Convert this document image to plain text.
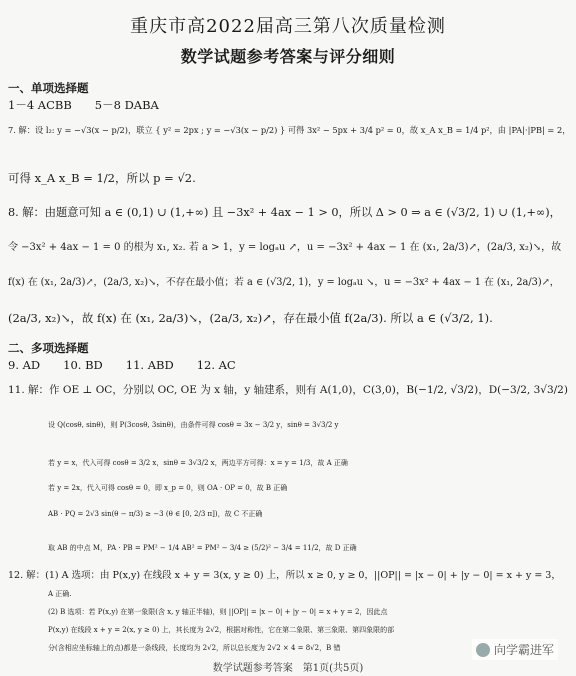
重庆市高2022届高三第八次质量检测
数学试题参考答案与评分细则
一、单项选择题
1－4 ACBB　　5－8 DABA
7. 解：设 l₂: y = −√3(x − p/2)，联立 { y² = 2px ; y = −√3(x − p/2) } 可得 3x² − 5px + 3/4 p² = 0，故 x_A x_B = 1/4 p²，由 |PA|·|PB| = 2，
可得 x_A x_B = 1/2，所以 p = √2.
8. 解：由题意可知 a ∈ (0,1) ∪ (1,+∞) 且 −3x² + 4ax − 1 > 0，所以 Δ > 0 ⇒ a ∈ (√3/2, 1) ∪ (1,+∞)，
令 −3x² + 4ax − 1 = 0 的根为 x₁, x₂. 若 a > 1，y = logₐu ↗，u = −3x² + 4ax − 1 在 (x₁, 2a/3)↗，(2a/3, x₂)↘，故
f(x) 在 (x₁, 2a/3)↗，(2a/3, x₂)↘，不存在最小值；若 a ∈ (√3/2, 1)，y = logₐu ↘，u = −3x² + 4ax − 1 在 (x₁, 2a/3)↗，
(2a/3, x₂)↘，故 f(x) 在 (x₁, 2a/3)↘，(2a/3, x₂)↗，存在最小值 f(2a/3). 所以 a ∈ (√3/2, 1).
二、多项选择题
9. AD　　10. BD　　11. ABD　　12. AC
11. 解：作 OE ⊥ OC，分别以 OC, OE 为 x 轴，y 轴建系，则有 A(1,0)，C(3,0)，B(−1/2, √3/2)，D(−3/2, 3√3/2)
设 Q(cosθ, sinθ)，则 P(3cosθ, 3sinθ)，由条件可得 cosθ = 3x − 3/2 y，sinθ = 3√3/2 y
若 y = x，代入可得 cosθ = 3/2 x，sinθ = 3√3/2 x，两边平方可得：x = y = 1/3，故 A 正确
若 y = 2x，代入可得 cosθ = 0，即 x_p = 0，则 OA · OP = 0，故 B 正确
AB · PQ = 2√3 sin(θ − π/3) ≥ −3 (θ ∈ [0, 2/3 π])，故 C 不正确
取 AB 的中点 M，PA · PB = PM² − 1/4 AB² = PM² − 3/4 ≥ (5/2)² − 3/4 = 11/2，故 D 正确
12. 解：(1) A 选项：由 P(x,y) 在线段 x + y = 3(x, y ≥ 0) 上，所以 x ≥ 0, y ≥ 0，||OP|| = |x − 0| + |y − 0| = x + y = 3，
A 正确.
(2) B 选项：若 P(x,y) 在第一象限(含 x, y 轴正半轴)，则 ||OP|| = |x − 0| + |y − 0| = x + y = 2，因此点
P(x,y) 在线段 x + y = 2(x, y ≥ 0) 上，其长度为 2√2，根据对称性，它在第二象限、第三象限、第四象限的部
分(含相应坐标轴上的点)都是一条线段，长度均为 2√2，所以总长度为 2√2 × 4 = 8√2，B 错
数学试题参考答案　第1页(共5页)
向学霸进军
